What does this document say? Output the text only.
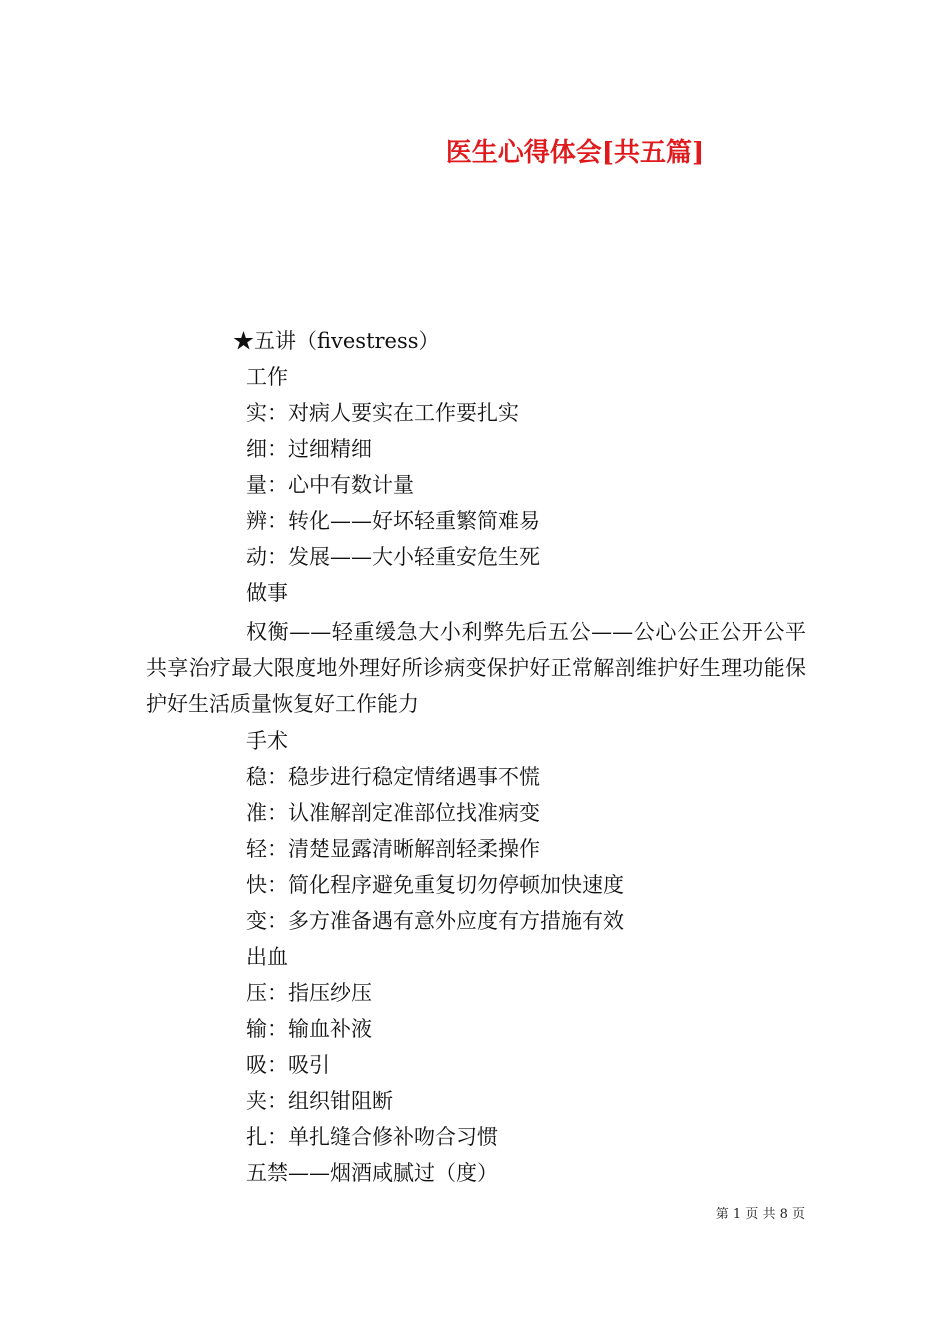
医生心得体会[共五篇]
★五讲（fivestress）
工作
实：对病人要实在工作要扎实
细：过细精细
量：心中有数计量
辨：转化——好坏轻重繁简难易
动：发展——大小轻重安危生死
做事
权衡——轻重缓急大小利弊先后五公——公心公正公开公平共享治疗最大限度地外理好所诊病变保护好正常解剖维护好生理功能保护好生活质量恢复好工作能力
手术
稳：稳步进行稳定情绪遇事不慌
准：认准解剖定准部位找准病变
轻：清楚显露清晰解剖轻柔操作
快：简化程序避免重复切勿停顿加快速度
变：多方准备遇有意外应度有方措施有效
出血
压：指压纱压
输：输血补液
吸：吸引
夹：组织钳阻断
扎：单扎缝合修补吻合习惯
五禁——烟酒咸腻过（度）
第 1 页 共 8 页
